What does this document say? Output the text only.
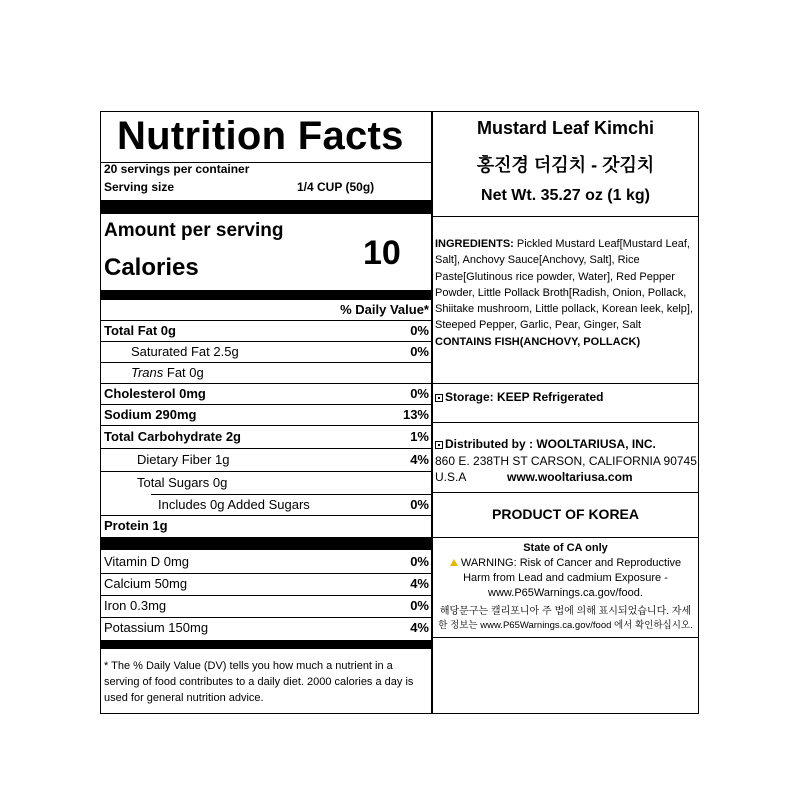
Nutrition Facts
20 servings per container
Serving size	1/4 CUP (50g)
Amount per serving
Calories	10
% Daily Value*
Total Fat 0g	0%
Saturated Fat 2.5g	0%
Trans Fat 0g
Cholesterol 0mg	0%
Sodium 290mg	13%
Total Carbohydrate 2g	1%
Dietary Fiber 1g	4%
Total Sugars 0g
Includes 0g Added Sugars	0%
Protein 1g
Vitamin D 0mg	0%
Calcium 50mg	4%
Iron 0.3mg	0%
Potassium 150mg	4%
* The % Daily Value (DV) tells you how much a nutrient in a serving of food contributes to a daily diet. 2000 calories a day is used for general nutrition advice.
Mustard Leaf Kimchi
홍진경 더김치 - 갓김치
Net Wt. 35.27 oz (1 kg)
INGREDIENTS: Pickled Mustard Leaf[Mustard Leaf, Salt], Anchovy Sauce[Anchovy, Salt], Rice Paste[Glutinous rice powder, Water], Red Pepper Powder, Little Pollack Broth[Radish, Onion, Pollack, Shiitake mushroom, Little pollack, Korean leek, kelp], Steeped Pepper, Garlic, Pear, Ginger, Salt
CONTAINS FISH(ANCHOVY, POLLACK)
Storage: KEEP Refrigerated
Distributed by : WOOLTARIUSA, INC.
860 E. 238TH ST CARSON, CALIFORNIA 90745,
U.S.A	www.wooltariusa.com
PRODUCT OF KOREA
State of CA only
WARNING: Risk of Cancer and Reproductive
Harm from Lead and cadmium Exposure -
www.P65Warnings.ca.gov/food.
해당문구는 캘리포니아 주 법에 의해 표시되었습니다. 자세
한 정보는 www.P65Warnings.ca.gov/food 에서 확인하십시오.
